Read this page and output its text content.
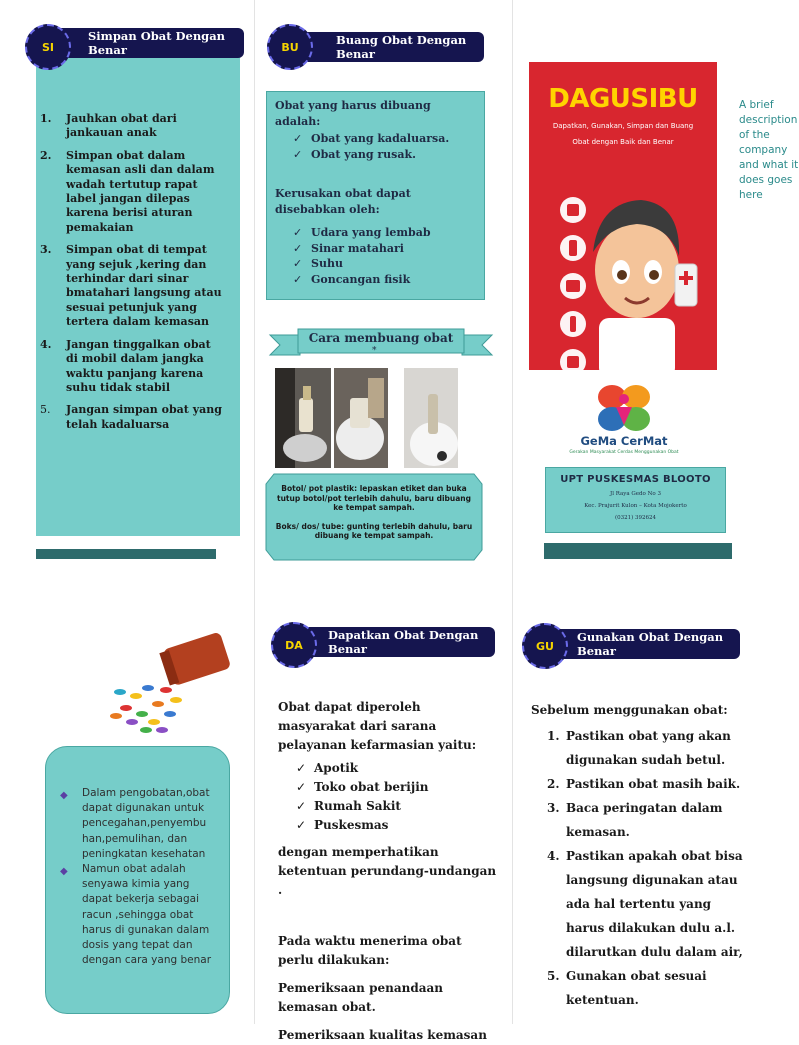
Simpan Obat Dengan Benar
SI
1. Jauhkan obat dari jankauan anak
2. Simpan obat dalam kemasan asli dan dalam wadah tertutup rapat label jangan dilepas karena berisi aturan pemakaian
3. Simpan obat di tempat yang sejuk ,kering dan terhindar dari sinar bmatahari langsung atau sesuai petunjuk yang tertera dalam kemasan
4. Jangan tinggalkan obat di mobil dalam jangka waktu panjang karena suhu tidak stabil
5. Jangan simpan obat yang telah kadaluarsa
Buang Obat Dengan Benar
BU
Obat yang harus dibuang adalah:
✓ Obat yang kadaluarsa.
✓ Obat yang rusak.
Kerusakan obat dapat disebabkan oleh:
✓ Udara yang lembab
✓ Sinar matahari
✓ Suhu
✓ Goncangan fisik
Cara membuang obat
*
Botol/ pot plastik: lepaskan etiket dan buka tutup botol/pot terlebih dahulu, baru dibuang ke tempat sampah.
Boks/ dos/ tube: gunting terlebih dahulu, baru dibuang ke tempat sampah.
DAGUSIBU
Dapatkan, Gunakan, Simpan dan Buang
Obat dengan Baik dan Benar
A brief description of the company and what it does goes here
GeMa CerMat
Gerakan Masyarakat Cerdas Menggunakan Obat
UPT PUSKESMAS BLOOTO
Jl Raya Gedo No 3
Kec. Prajurit Kulon – Kota Mojokerto
(0321) 392624
◆ Dalam pengobatan,obat dapat digunakan untuk pencegahan,penyembu han,pemulihan, dan peningkatan kesehatan
◆ Namun obat adalah senyawa kimia yang dapat bekerja sebagai racun ,sehingga obat harus di gunakan dalam dosis yang tepat dan dengan cara yang benar
Dapatkan Obat Dengan Benar
DA
Obat dapat diperoleh masyarakat dari sarana pelayanan kefarmasian yaitu:
✓ Apotik
✓ Toko obat berijin
✓ Rumah Sakit
✓ Puskesmas
dengan memperhatikan ketentuan perundang-undangan .
Pada waktu menerima obat perlu dilakukan:
Pemeriksaan penandaan kemasan obat.
Pemeriksaan kualitas kemasan
Gunakan Obat Dengan Benar
GU
Sebelum menggunakan obat:
1. Pastikan obat yang akan digunakan sudah betul.
2. Pastikan obat masih baik.
3. Baca peringatan dalam kemasan.
4. Pastikan apakah obat bisa langsung digunakan atau ada hal tertentu yang harus dilakukan dulu a.l. dilarutkan dulu dalam air,
5. Gunakan obat sesuai ketentuan.
